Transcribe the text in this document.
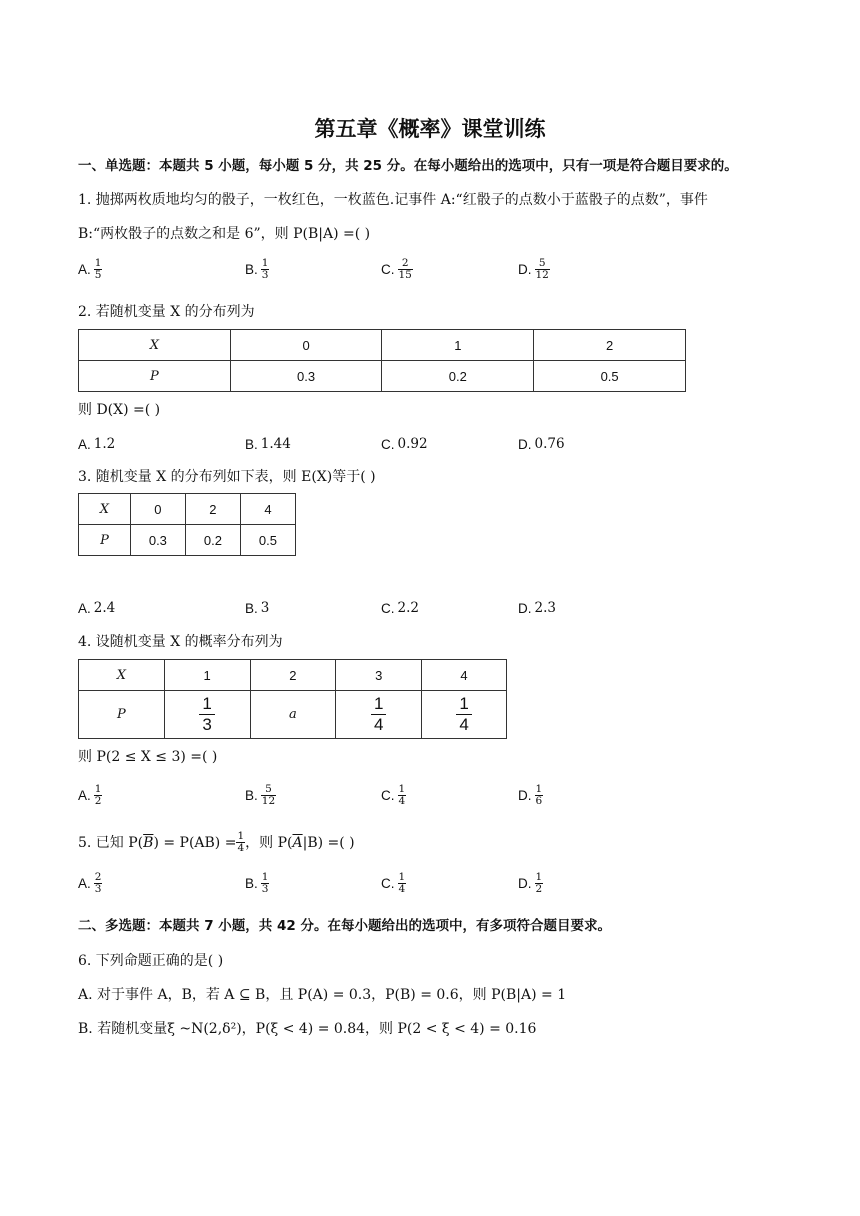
第五章《概率》课堂训练
一、单选题：本题共 5 小题，每小题 5 分，共 25 分。在每小题给出的选项中，只有一项是符合题目要求的。
1. 抛掷两枚质地均匀的骰子，一枚红色，一枚蓝色.记事件 A:“红骰子的点数小于蓝骰子的点数”，事件
B:“两枚骰子的点数之和是 6”，则 P(B|A) =( )
A. $\frac{1}{5}$	B. $\frac{1}{3}$	C. $\frac{2}{15}$	D. $\frac{5}{12}$
2. 若随机变量 X 的分布列为
X	0	1	2
P	0.3	0.2	0.5
则 D(X) =( )
A. 1.2	B. 1.44	C. 0.92	D. 0.76
3. 随机变量 X 的分布列如下表，则 E(X)等于( )
X	0	2	4
P	0.3	0.2	0.5
A. 2.4	B. 3	C. 2.2	D. 2.3
4. 设随机变量 X 的概率分布列为
X	1	2	3	4
P	$\frac{1}{3}$	a	$\frac{1}{4}$	$\frac{1}{4}$
则 P(2 ≤ X ≤ 3) =( )
A. $\frac{1}{2}$	B. $\frac{5}{12}$	C. $\frac{1}{4}$	D. $\frac{1}{6}$
5. 已知 P( $\overline{B}$ ) = $P(AB) = \frac{1}{4}$ ，则 P( $\overline{A}$ |B) =( )
A. $\frac{2}{3}$	B. $\frac{1}{3}$	C. $\frac{1}{4}$	D. $\frac{1}{2}$
二、多选题：本题共 7 小题，共 42 分。在每小题给出的选项中，有多项符合题目要求。
6. 下列命题正确的是( )
A. 对于事件 A，B，若 A ⊆ B，且 P(A) = 0.3，P(B) = 0.6，则 P(B|A) = 1
B. 若随机变量ξ ~N(2,δ²)，P(ξ < 4) = 0.84，则 P(2 < ξ < 4) = 0.16
